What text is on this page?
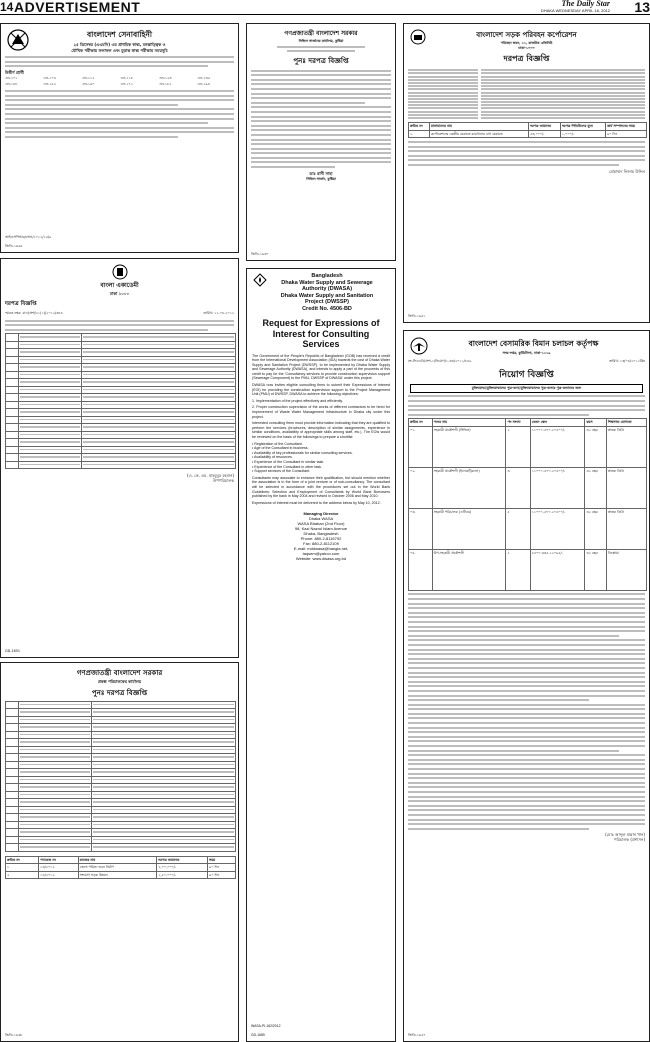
14 ADVERTISEMENT	The Daily Star
DHAKA WEDNESDAY APRIL 18, 2012 13
বাংলাদেশ সেনাবাহিনী
২৫ ডিসেম্বর (এএমসি) এর প্রাথমিক স্বাস্থ্য, মনস্তাত্ত্বিক ও
মৌখিক পরীক্ষায় ফলাফল এবং চূড়ান্ত স্বাস্থ্য পরীক্ষার সময়সূচি
উত্তীর্ণ প্রার্থী
এন-১০১	এন-১০৫	এন-১১২	এন-১১৮	এন-১২৩	এন-১৩৫
এন-১৪৮	এন-১৫২	এন-১৬০	এন-১৭১	এন-১৮২	এন-১৯৪
আইএসপিআর/সেনা/২০১২/১৫/৯
জিডি-১৬৬৫
বাংলা একাডেমী
ঢাকা ১০০০
দরপত্র বিজ্ঞপ্তি
স্মারক নম্বর: বাএ/প্রশা/২১(১)/২০১২/৩৪৪	তারিখ: ১২.০৪.২০১২

(এ. কে. এম. মাহবুবুর রহমান)
উপপরিচালক
GD-1651
গণপ্রজাতন্ত্রী বাংলাদেশ সরকার
প্রকল্প পরিচালকের কার্যালয়
পুনঃ দরপত্র বিজ্ঞপ্তি

ক্রমিক নং	প্যাকেজ নং	কাজের নাম	দরপত্র জামানত	সময়
১	১৩/২০১২	জেলা পরিষদ ভবন নির্মাণ	২,০০,০০০/-	৯০ দিন
২	১৪/২০১২	সংযোগ সড়ক উন্নয়ন	১,৫০,০০০/-	৯০ দিন
জিডি-১৬৩৮
গণপ্রজাতন্ত্রী বাংলাদেশ সরকার
সিভিল সার্জনের কার্যালয়, কুষ্টিয়া
পুনঃ দরপত্র বিজ্ঞপ্তি
ডাঃ রানী সাহা
সিভিল সার্জন, কুষ্টিয়া
জিডি-১৬৩০
Bangladesh
Dhaka Water Supply and Sewerage
Authority (DWASA)
Dhaka Water Supply and Sanitation
Project (DWSSP)
Credit No. 4506-BD
Request for Expressions of
Interest for Consulting
Services

The Government of the People's Republic of Bangladesh (GOB) has received a credit from the International Development Association (IDA) towards the cost of Dhaka Water Supply and Sanitation Project (DWSSP), to be implemented by Dhaka Water Supply and Sewerage Authority (DWASA), and intends to apply a part of the proceeds of this credit to pay for the 'Consultancy services to provide construction supervision support (Sewerage Component) to the PMU, DWSSP of DWASA' under this project.

DWASA now invites eligible consulting firms to submit their Expressions of Interest (EOI) for providing the construction supervision support to the Project Management Unit (PMU) of DWSSP, DWASA to achieve the following objectives:

1. Implementation of the project effectively and efficiently.

2. Proper construction supervision of the works of different contractors to be hired for improvement of Waste Water Management infrastructure in Dhaka city under this project.

Interested consulting firms must provide information indicating that they are qualified to perform the services (brochures, description of similar assignments, experience in similar conditions, availability of appropriate skills among staff, etc.). The EOIs would be reviewed on the basis of the followings to prepare a shortlist:

• Registration of the Consultant.
• Age of the Consultant in business.
• Availability of key professionals for similar consulting services.
• Availability of resources.
• Experience of the Consultant in similar task.
• Experience of the Consultant in other task.
• Support services of the Consultant.

Consultants may associate to enhance their qualification, but should mention whether the association is in the form of a joint venture or of sub-consultancy. The consultant will be selected in accordance with the procedures set out in the World Bank Guidelines: Selection and Employment of Consultants by World Bank Borrowers published by the bank in May 2004 and revised in October 2006 and May 2010.

Expressions of Interest must be delivered to the address below by May 10, 2012.

Managing Director
Dhaka WASA
WASA Bhaban (2nd Floor)
98, Kazi Nazrul Islam Avenue
Dhaka, Bangladesh
Phone: 880-2-8116792
Fax: 880-2-8112109
E-mail: mddwasa@bangla.net,
taqsem@yahoo.com
Website: www.dwasa.org.bd
WASA-PI-162/2012
GD-1689
বাংলাদেশ সড়ক পরিবহন কর্পোরেশন
পরিবহন ভবন, ২১, রাজউক এভিনিউ
ঢাকা-১০০০
দরপত্র বিজ্ঞপ্তি
ক্রমিক নং	মালামালের নাম	দরপত্র জামানত	দরপত্র শিডিউলের মূল্য	কার্য সম্পাদনের সময়
১.	কর্পোরেশনের কেন্দ্রীয় মেরামত কারখানার বাস মেরামত	৫৩,০০০/-	১,০০০/-	৯০ দিন
মোহাম্মদ নিজাম উদ্দিন
জিডি-১৬৪১
বাংলাদেশ বেসামরিক বিমান চলাচল কর্তৃপক্ষ
সদর দপ্তর, কুর্মিটোলা, ঢাকা-১২২৯
নং-সিএএবি/প্রশা-১/নিয়োগ/১-৩৩/২০১১/৮৪৯	তারিখ: ১৩/০৪/২০১২খ্রিঃ
নিয়োগ বিজ্ঞপ্তি
মুক্তিযোদ্ধা/মুক্তিযোদ্ধাদের পুত্র-কন্যা/মুক্তিযোদ্ধাদের পুত্র-কন্যার পুত্র-কন্যাদের জন্য
ক্রমিক নং	পদের নাম	পদ সংখ্যা	বেতন স্কেল	বয়স	শিক্ষাগত যোগ্যতা
০১.	সহকারী প্রকৌশলী (সিভিল)	২	১১০০০-৫৭০-২০৫০০/-	৩২ বছর	স্নাতক ডিগ্রি
০২.	সহকারী প্রকৌশলী (ইলেকট্রিক্যাল)	৩	১১০০০-৫৭০-২০৫০০/-	৩২ বছর	স্নাতক ডিগ্রি
০৩.	সহকারী পরিচালক (এটিএম)	৫	১১০০০-৫৭০-২০৫০০/-	৩২ বছর	স্নাতক ডিগ্রি
০৪.	উপ-সহকারী প্রকৌশলী	২	৫৫০০-৩৩৫-১২০৯৫/-	৩২ বছর	ডিপ্লোমা
(মোঃ আব্দুল মান্নান খান)
পরিচালক (প্রশাসন)
জিডি-১৬৫৭
